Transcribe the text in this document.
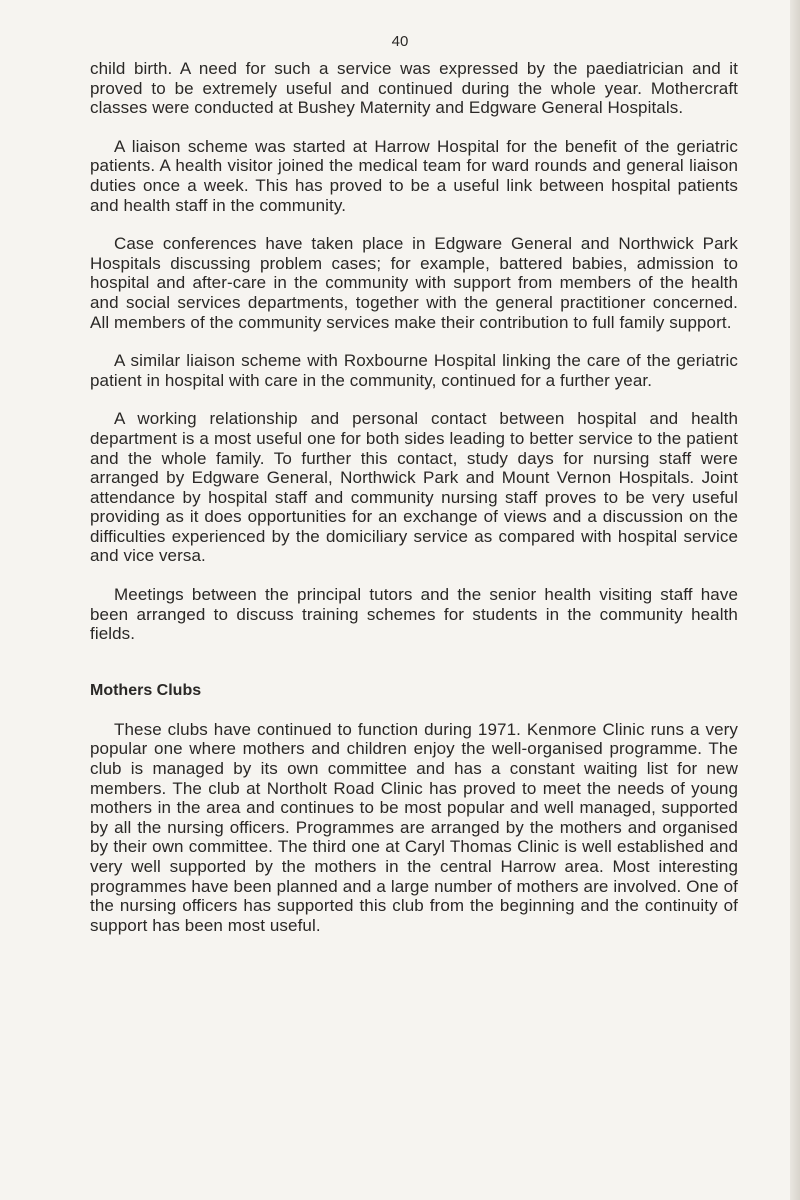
40

child birth. A need for such a service was expressed by the paediatrician and it proved to be extremely useful and continued during the whole year. Mothercraft classes were conducted at Bushey Maternity and Edgware General Hospitals.

A liaison scheme was started at Harrow Hospital for the benefit of the geriatric patients. A health visitor joined the medical team for ward rounds and general liaison duties once a week. This has proved to be a useful link between hospital patients and health staff in the community.

Case conferences have taken place in Edgware General and Northwick Park Hospitals discussing problem cases; for example, battered babies, admission to hospital and after-care in the community with support from members of the health and social services departments, together with the general practitioner concerned. All members of the community services make their contribution to full family support.

A similar liaison scheme with Roxbourne Hospital linking the care of the geriatric patient in hospital with care in the community, continued for a further year.

A working relationship and personal contact between hospital and health department is a most useful one for both sides leading to better service to the patient and the whole family. To further this contact, study days for nursing staff were arranged by Edgware General, Northwick Park and Mount Vernon Hospitals. Joint attendance by hospital staff and community nursing staff proves to be very useful providing as it does opportunities for an exchange of views and a discussion on the difficulties experienced by the domiciliary service as compared with hospital service and vice versa.

Meetings between the principal tutors and the senior health visiting staff have been arranged to discuss training schemes for students in the community health fields.

Mothers Clubs

These clubs have continued to function during 1971. Kenmore Clinic runs a very popular one where mothers and children enjoy the well-organised programme. The club is managed by its own committee and has a constant waiting list for new members. The club at Northolt Road Clinic has proved to meet the needs of young mothers in the area and continues to be most popular and well managed, supported by all the nursing officers. Programmes are arranged by the mothers and organised by their own committee. The third one at Caryl Thomas Clinic is well established and very well supported by the mothers in the central Harrow area. Most interesting programmes have been planned and a large number of mothers are involved. One of the nursing officers has supported this club from the beginning and the continuity of support has been most useful.
